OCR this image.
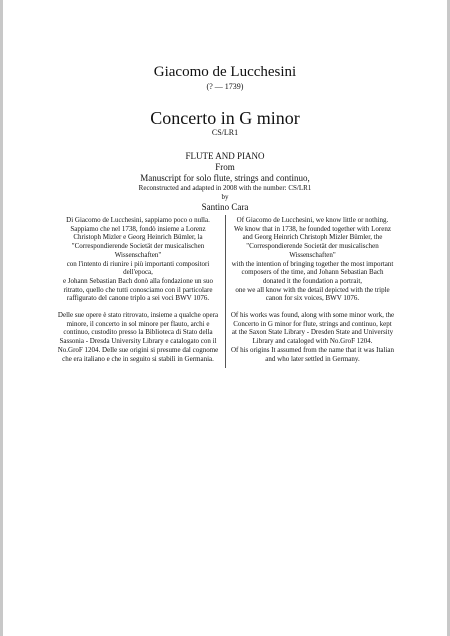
Giacomo de Lucchesini
(? — 1739)
Concerto in G minor
CS/LR1
FLUTE AND PIANO
From
Manuscript for solo flute, strings and continuo,
Reconstructed and adapted in 2008 with the number: CS/LR1
by
Santino Cara
Di Giacomo de Lucchesini, sappiamo poco o nulla.
Sappiamo che nel 1738, fondò insieme a Lorenz
Christoph Mizler e Georg Heinrich Bümler, la
"Correspondierende Societät der musicalischen
Wissenschaften"
con l'intento di riunire i più importanti compositori
dell'epoca,
e Johann Sebastian Bach donò alla fondazione un suo
ritratto, quello che tutti conosciamo con il particolare
raffigurato del canone triplo a sei voci BWV 1076.
Delle sue opere è stato ritrovato, insieme a qualche opera
minore, il concerto in sol minore per flauto, archi e
continuo, custodito presso la Biblioteca di Stato della
Sassonia - Dresda University Library e catalogato con il
No.GroF 1204. Delle sue origini si presume dal cognome
che era italiano e che in seguito si stabilì in Germania.
Of Giacomo de Lucchesini, we know little or nothing.
We know that in 1738, he founded together with Lorenz
and Georg Heinrich Christoph Mizler Bümler, the
"Correspondierende Societät der musicalischen
Wissenschaften"
with the intention of bringing together the most important
composers of the time, and Johann Sebastian Bach
donated it the foundation a portrait,
one we all know with the detail depicted with the triple
canon for six voices, BWV 1076.
Of his works was found, along with some minor work, the
Concerto in G minor for flute, strings and continuo, kept
at the Saxon State Library - Dresden State and University
Library and cataloged with No.GroF 1204.
Of his origins It assumed from the name that it was Italian
and who later settled in Germany.
